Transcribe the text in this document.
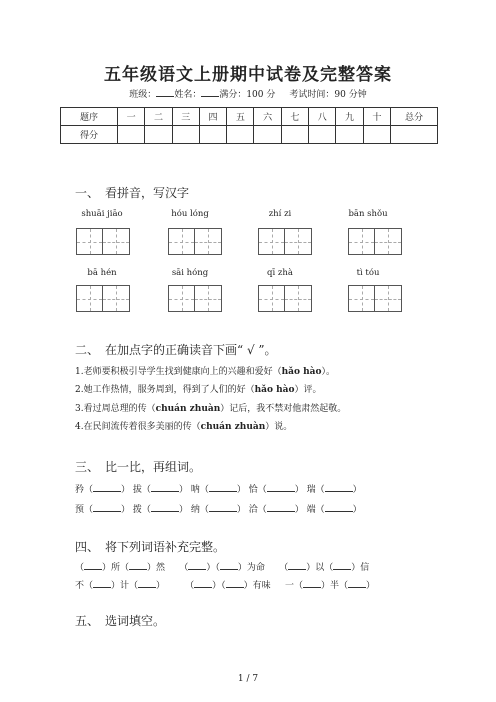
五年级语文上册期中试卷及完整答案
班级： 姓名： 满分：100 分 考试时间：90 分钟
题序	一	二	三	四	五	六	七	八	九	十	总分
得分											
一、 看拼音，写汉字
shuāi jiāo	hóu lóng	zhí zi	bān shǒu
bā hén	sāi hóng	qī zhà	tì tóu
二、 在加点字的正确读音下画“ √ ”。
1.老师要积极引导学生找到健康向上的兴趣和爱好（hǎo hào）。
2.她工作热情，服务周到，得到了人们的好（hǎo hào）评。
3.看过周总理的传（chuán zhuàn）记后，我不禁对他肃然起敬。
4.在民间流传着很多美丽的传（chuán zhuàn）说。
三、 比一比，再组词。
矜（	） 拔（	） 呐（	） 恰（	） 瑞（	）
预（	） 拨（	） 纳（	） 洽（	） 端（	）
四、 将下列词语补充完整。
（ ）所（ ）然 （ ）（ ）为命 （ ）以（ ）信
不（ ）计（ ） （ ）（ ）有味 一（ ）半（ ）
五、 选词填空。
1 / 7
